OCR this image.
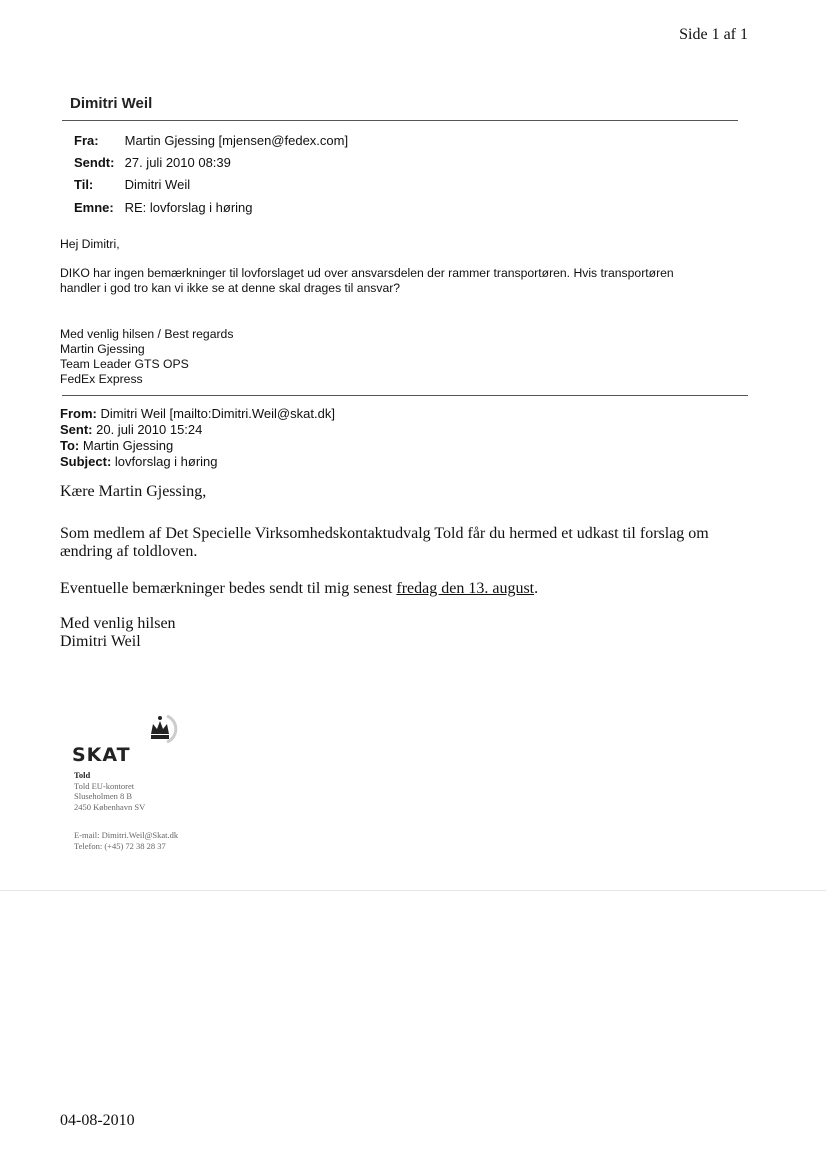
Side 1 af 1
Dimitri Weil
Fra: Martin Gjessing [mjensen@fedex.com]
Sendt: 27. juli 2010 08:39
Til: Dimitri Weil
Emne: RE: lovforslag i høring
Hej Dimitri,
DIKO har ingen bemærkninger til lovforslaget ud over ansvarsdelen der rammer transportøren. Hvis transportøren handler i god tro kan vi ikke se at denne skal drages til ansvar?
Med venlig hilsen / Best regards
Martin Gjessing
Team Leader GTS OPS
FedEx Express
From: Dimitri Weil [mailto:Dimitri.Weil@skat.dk]
Sent: 20. juli 2010 15:24
To: Martin Gjessing
Subject: lovforslag i høring
Kære Martin Gjessing,
Som medlem af Det Specielle Virksomhedskontaktudvalg Told får du hermed et udkast til forslag om ændring af toldloven.
Eventuelle bemærkninger bedes sendt til mig senest fredag den 13. august.
Med venlig hilsen
Dimitri Weil
SKAT
Told
Told EU-kontoret
Sluseholmen 8 B
2450 København SV
E-mail: Dimitri.Weil@Skat.dk
Telefon: (+45) 72 38 28 37
04-08-2010
